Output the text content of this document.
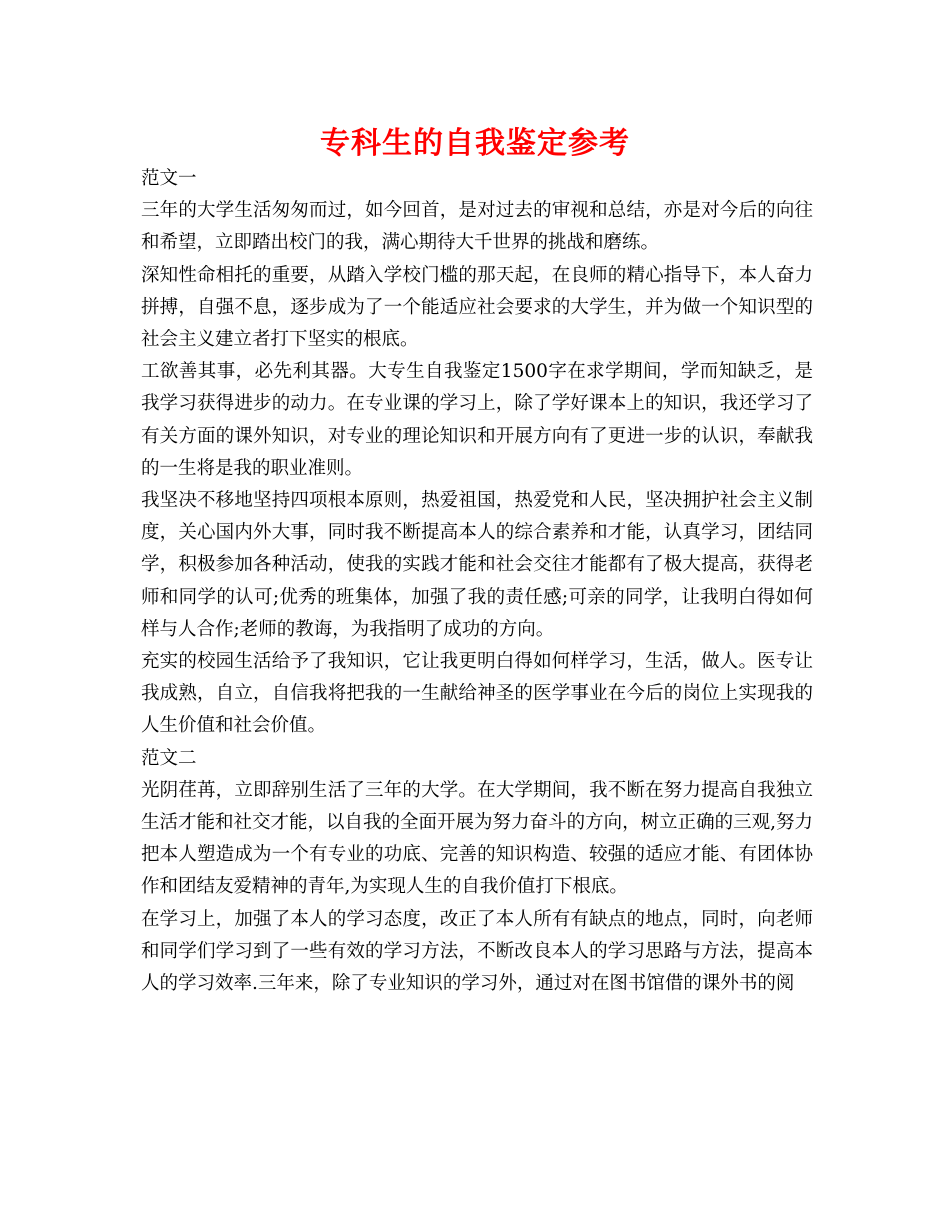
专科生的自我鉴定参考

范文一

三年的大学生活匆匆而过，如今回首，是对过去的审视和总结，亦是对今后的向往和希望，立即踏出校门的我，满心期待大千世界的挑战和磨练。

深知性命相托的重要，从踏入学校门槛的那天起，在良师的精心指导下，本人奋力拼搏，自强不息，逐步成为了一个能适应社会要求的大学生，并为做一个知识型的社会主义建立者打下坚实的根底。

工欲善其事，必先利其器。大专生自我鉴定1500字在求学期间，学而知缺乏，是我学习获得进步的动力。在专业课的学习上，除了学好课本上的知识，我还学习了有关方面的课外知识，对专业的理论知识和开展方向有了更进一步的认识，奉献我的一生将是我的职业准则。

我坚决不移地坚持四项根本原则，热爱祖国，热爱党和人民，坚决拥护社会主义制度，关心国内外大事，同时我不断提高本人的综合素养和才能，认真学习，团结同学，积极参加各种活动，使我的实践才能和社会交往才能都有了极大提高，获得老师和同学的认可;优秀的班集体，加强了我的责任感;可亲的同学，让我明白得如何样与人合作;老师的教诲，为我指明了成功的方向。

充实的校园生活给予了我知识，它让我更明白得如何样学习，生活，做人。医专让我成熟，自立，自信我将把我的一生献给神圣的医学事业在今后的岗位上实现我的人生价值和社会价值。

范文二

光阴荏苒，立即辞别生活了三年的大学。在大学期间，我不断在努力提高自我独立生活才能和社交才能，以自我的全面开展为努力奋斗的方向，树立正确的三观,努力把本人塑造成为一个有专业的功底、完善的知识构造、较强的适应才能、有团体协作和团结友爱精神的青年,为实现人生的自我价值打下根底。

在学习上，加强了本人的学习态度，改正了本人所有有缺点的地点，同时，向老师和同学们学习到了一些有效的学习方法，不断改良本人的学习思路与方法，提高本人的学习效率.三年来，除了专业知识的学习外，通过对在图书馆借的课外书的阅
